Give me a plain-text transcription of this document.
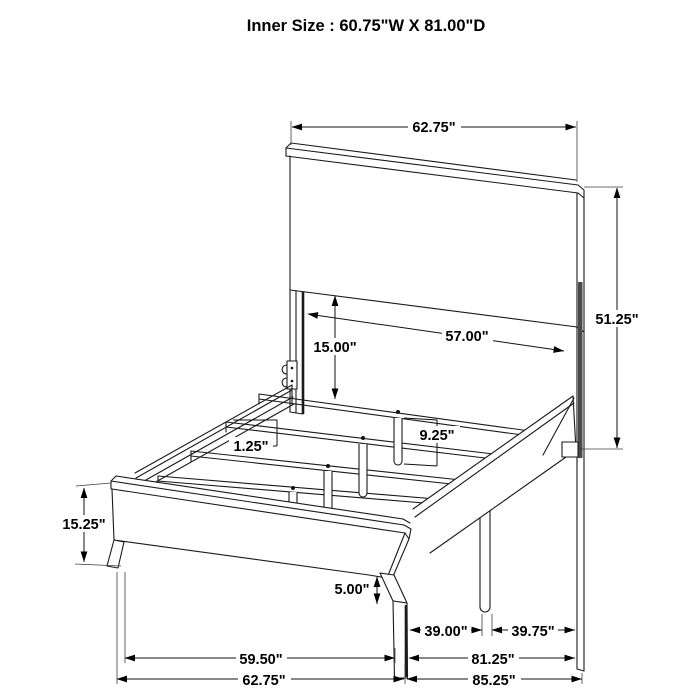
Inner Size : 60.75"W X 81.00"D
62.75"
51.25"
57.00"
15.00"
1.25"
9.25"
15.25"
5.00"
39.00"	39.75"
59.50"	81.25"
62.75"	85.25"
